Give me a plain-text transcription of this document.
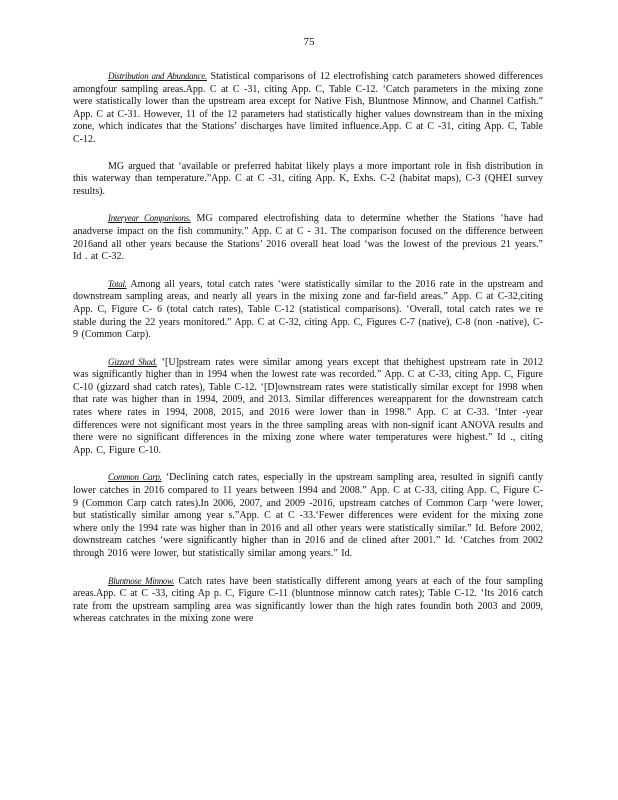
75

Distribution and Abundance. Statistical comparisons of 12 electrofishing catch parameters showed differences amongfour sampling areas.App. C at C -31, citing App. C, Table C-12. ‘Catch parameters in the mixing zone were statistically lower than the upstream area except for Native Fish, Bluntnose Minnow, and Channel Catfish.” App. C at C-31. However, 11 of the 12 parameters had statistically higher values downstream than in the mixing zone, which indicates that the Stations’ discharges have limited influence.App. C at C -31, citing App. C, Table C-12.

MG argued that ‘available or preferred habitat likely plays a more important role in fish distribution in this waterway than temperature.”App. C at C -31, citing App. K, Exhs. C-2 (habitat maps), C-3 (QHEI survey results).

Interyear Comparisons. MG compared electrofishing data to determine whether the Stations ‘have had anadverse impact on the fish community.” App. C at C - 31. The comparison focused on the difference between 2016and all other years because the Stations’ 2016 overall heat load ‘was the lowest of the previous 21 years.” Id . at C-32.

Total. Among all years, total catch rates ‘were statistically similar to the 2016 rate in the upstream and downstream sampling areas, and nearly all years in the mixing zone and far-field areas.” App. C at C-32,citing App. C, Figure C- 6 (total catch rates), Table C-12 (statistical comparisons). ‘Overall, total catch rates we re stable during the 22 years monitored.” App. C at C-32, citing App. C, Figures C-7 (native), C-8 (non -native), C-9 (Common Carp).

Gizzard Shad. ‘[U]pstream rates were similar among years except that thehighest upstream rate in 2012 was significantly higher than in 1994 when the lowest rate was recorded.” App. C at C-33, citing App. C, Figure C-10 (gizzard shad catch rates), Table C-12. ‘[D]ownstream rates were statistically similar except for 1998 when that rate was higher than in 1994, 2009, and 2013. Similar differences wereapparent for the downstream catch rates where rates in 1994, 2008, 2015, and 2016 were lower than in 1998.” App. C at C-33. ‘Inter -year differences were not significant most years in the three sampling areas with non-signif icant ANOVA results and there were no significant differences in the mixing zone where water temperatures were highest.” Id ., citing App. C, Figure C-10.

Common Carp. ‘Declining catch rates, especially in the upstream sampling area, resulted in signifi cantly lower catches in 2016 compared to 11 years between 1994 and 2008.” App. C at C-33, citing App. C, Figure C-9 (Common Carp catch rates).In 2006, 2007, and 2009 -2016, upstream catches of Common Carp ‘were lower, but statistically similar among year s.”App. C at C -33.‘Fewer differences were evident for the mixing zone where only the 1994 rate was higher than in 2016 and all other years were statistically similar.” Id. Before 2002, downstream catches ‘were significantly higher than in 2016 and de clined after 2001.” Id. ‘Catches from 2002 through 2016 were lower, but statistically similar among years.” Id.

Bluntnose Minnow. Catch rates have been statistically different among years at each of the four sampling areas.App. C at C -33, citing Ap p. C, Figure C-11 (bluntnose minnow catch rates); Table C-12. ‘Its 2016 catch rate from the upstream sampling area was significantly lower than the high rates foundin both 2003 and 2009, whereas catchrates in the mixing zone were
